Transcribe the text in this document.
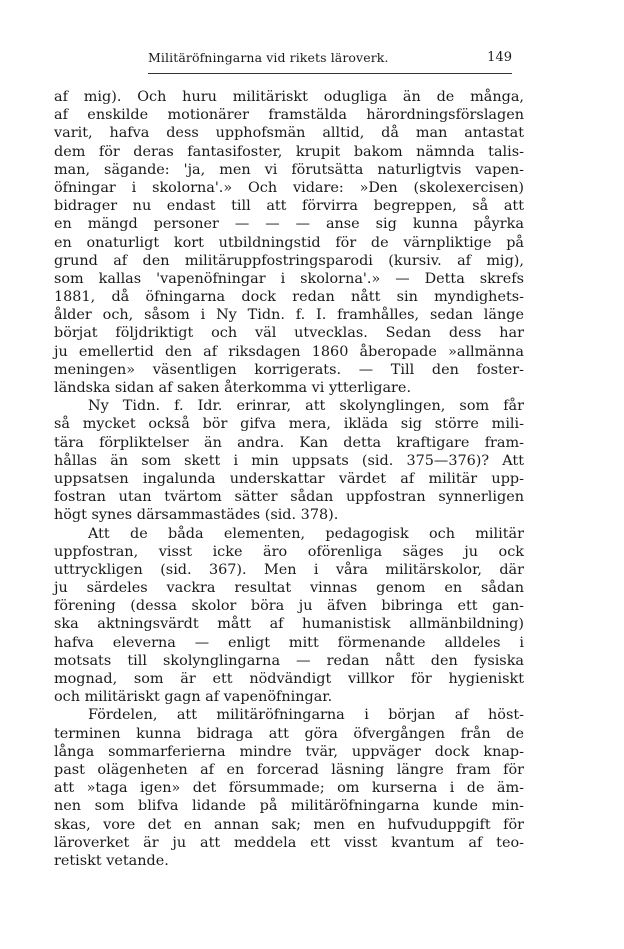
Militäröfningarna vid rikets läroverk.	149
af mig). Och huru militäriskt odugliga än de många,
af enskilde motionärer framstälda härordningsförslagen
varit, hafva dess upphofsmän alltid, då man antastat
dem för deras fantasifoster, krupit bakom nämnda talis-
man, sägande: 'ja, men vi förutsätta naturligtvis vapen-
öfningar i skolorna'.» Och vidare: »Den (skolexercisen)
bidrager nu endast till att förvirra begreppen, så att
en mängd personer — — — anse sig kunna påyrka
en onaturligt kort utbildningstid för de värnpliktige på
grund af den militäruppfostringsparodi (kursiv. af mig),
som kallas 'vapenöfningar i skolorna'.» — Detta skrefs
1881, då öfningarna dock redan nått sin myndighets-
ålder och, såsom i Ny Tidn. f. I. framhålles, sedan länge
börjat följdriktigt och väl utvecklas. Sedan dess har
ju emellertid den af riksdagen 1860 åberopade »allmänna
meningen» väsentligen korrigerats. — Till den foster-
ländska sidan af saken återkomma vi ytterligare.
Ny Tidn. f. Idr. erinrar, att skolynglingen, som får
så mycket också bör gifva mera, ikläda sig större mili-
tära förpliktelser än andra. Kan detta kraftigare fram-
hållas än som skett i min uppsats (sid. 375—376)? Att
uppsatsen ingalunda underskattar värdet af militär upp-
fostran utan tvärtom sätter sådan uppfostran synnerligen
högt synes därsammastädes (sid. 378).
Att de båda elementen, pedagogisk och militär
uppfostran, visst icke äro oförenliga säges ju ock
uttryckligen (sid. 367). Men i våra militärskolor, där
ju särdeles vackra resultat vinnas genom en sådan
förening (dessa skolor böra ju äfven bibringa ett gan-
ska aktningsvärdt mått af humanistisk allmänbildning)
hafva eleverna — enligt mitt förmenande alldeles i
motsats till skolynglingarna — redan nått den fysiska
mognad, som är ett nödvändigt villkor för hygieniskt
och militäriskt gagn af vapenöfningar.
Fördelen, att militäröfningarna i början af höst-
terminen kunna bidraga att göra öfvergången från de
långa sommarferierna mindre tvär, uppväger dock knap-
past olägenheten af en forcerad läsning längre fram för
att »taga igen» det försummade; om kurserna i de äm-
nen som blifva lidande på militäröfningarna kunde min-
skas, vore det en annan sak; men en hufvuduppgift för
läroverket är ju att meddela ett visst kvantum af teo-
retiskt vetande.
